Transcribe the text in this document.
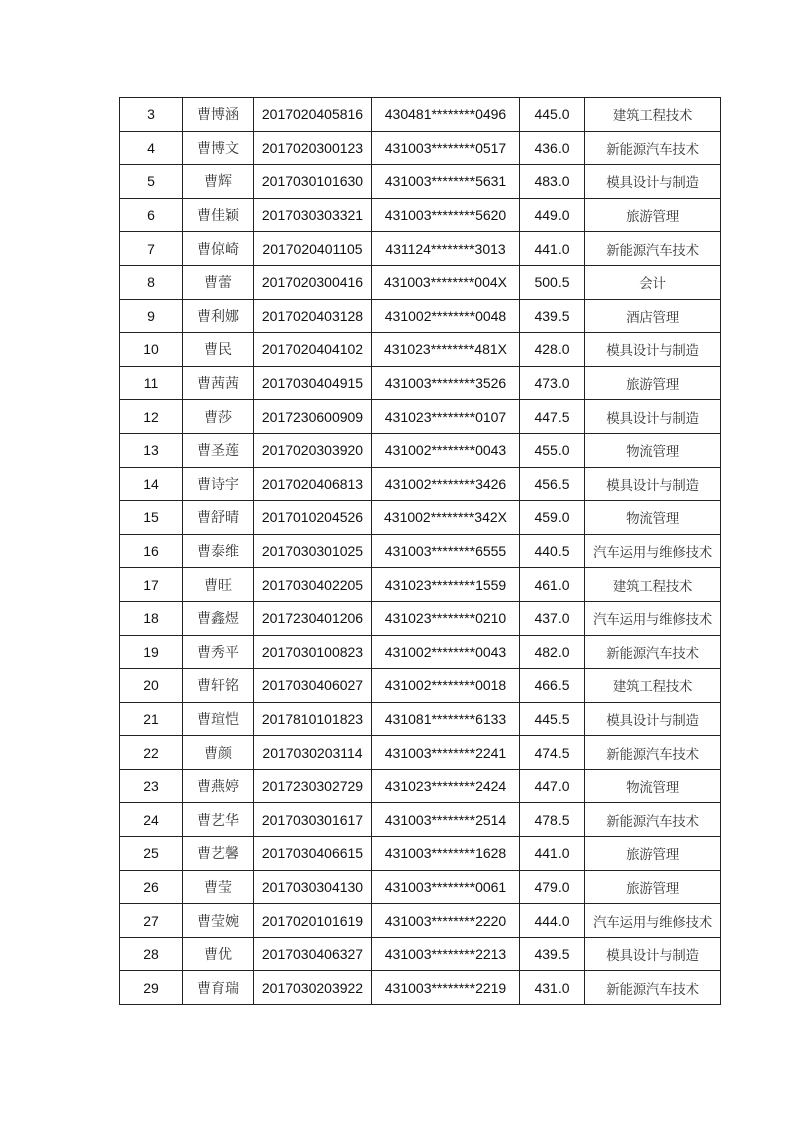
3	曹博涵	2017020405816	430481********0496	445.0	建筑工程技术
4	曹博文	2017020300123	431003********0517	436.0	新能源汽车技术
5	曹辉	2017030101630	431003********5631	483.0	模具设计与制造
6	曹佳颖	2017030303321	431003********5620	449.0	旅游管理
7	曹倞崎	2017020401105	431124********3013	441.0	新能源汽车技术
8	曹蕾	2017020300416	431003********004X	500.5	会计
9	曹利娜	2017020403128	431002********0048	439.5	酒店管理
10	曹民	2017020404102	431023********481X	428.0	模具设计与制造
11	曹茜茜	2017030404915	431003********3526	473.0	旅游管理
12	曹莎	2017230600909	431023********0107	447.5	模具设计与制造
13	曹圣莲	2017020303920	431002********0043	455.0	物流管理
14	曹诗宇	2017020406813	431002********3426	456.5	模具设计与制造
15	曹舒晴	2017010204526	431002********342X	459.0	物流管理
16	曹泰维	2017030301025	431003********6555	440.5	汽车运用与维修技术
17	曹旺	2017030402205	431023********1559	461.0	建筑工程技术
18	曹鑫煜	2017230401206	431023********0210	437.0	汽车运用与维修技术
19	曹秀平	2017030100823	431002********0043	482.0	新能源汽车技术
20	曹轩铭	2017030406027	431002********0018	466.5	建筑工程技术
21	曹瑄恺	2017810101823	431081********6133	445.5	模具设计与制造
22	曹颜	2017030203114	431003********2241	474.5	新能源汽车技术
23	曹燕婷	2017230302729	431023********2424	447.0	物流管理
24	曹艺华	2017030301617	431003********2514	478.5	新能源汽车技术
25	曹艺馨	2017030406615	431003********1628	441.0	旅游管理
26	曹莹	2017030304130	431003********0061	479.0	旅游管理
27	曹莹婉	2017020101619	431003********2220	444.0	汽车运用与维修技术
28	曹优	2017030406327	431003********2213	439.5	模具设计与制造
29	曹育瑞	2017030203922	431003********2219	431.0	新能源汽车技术
